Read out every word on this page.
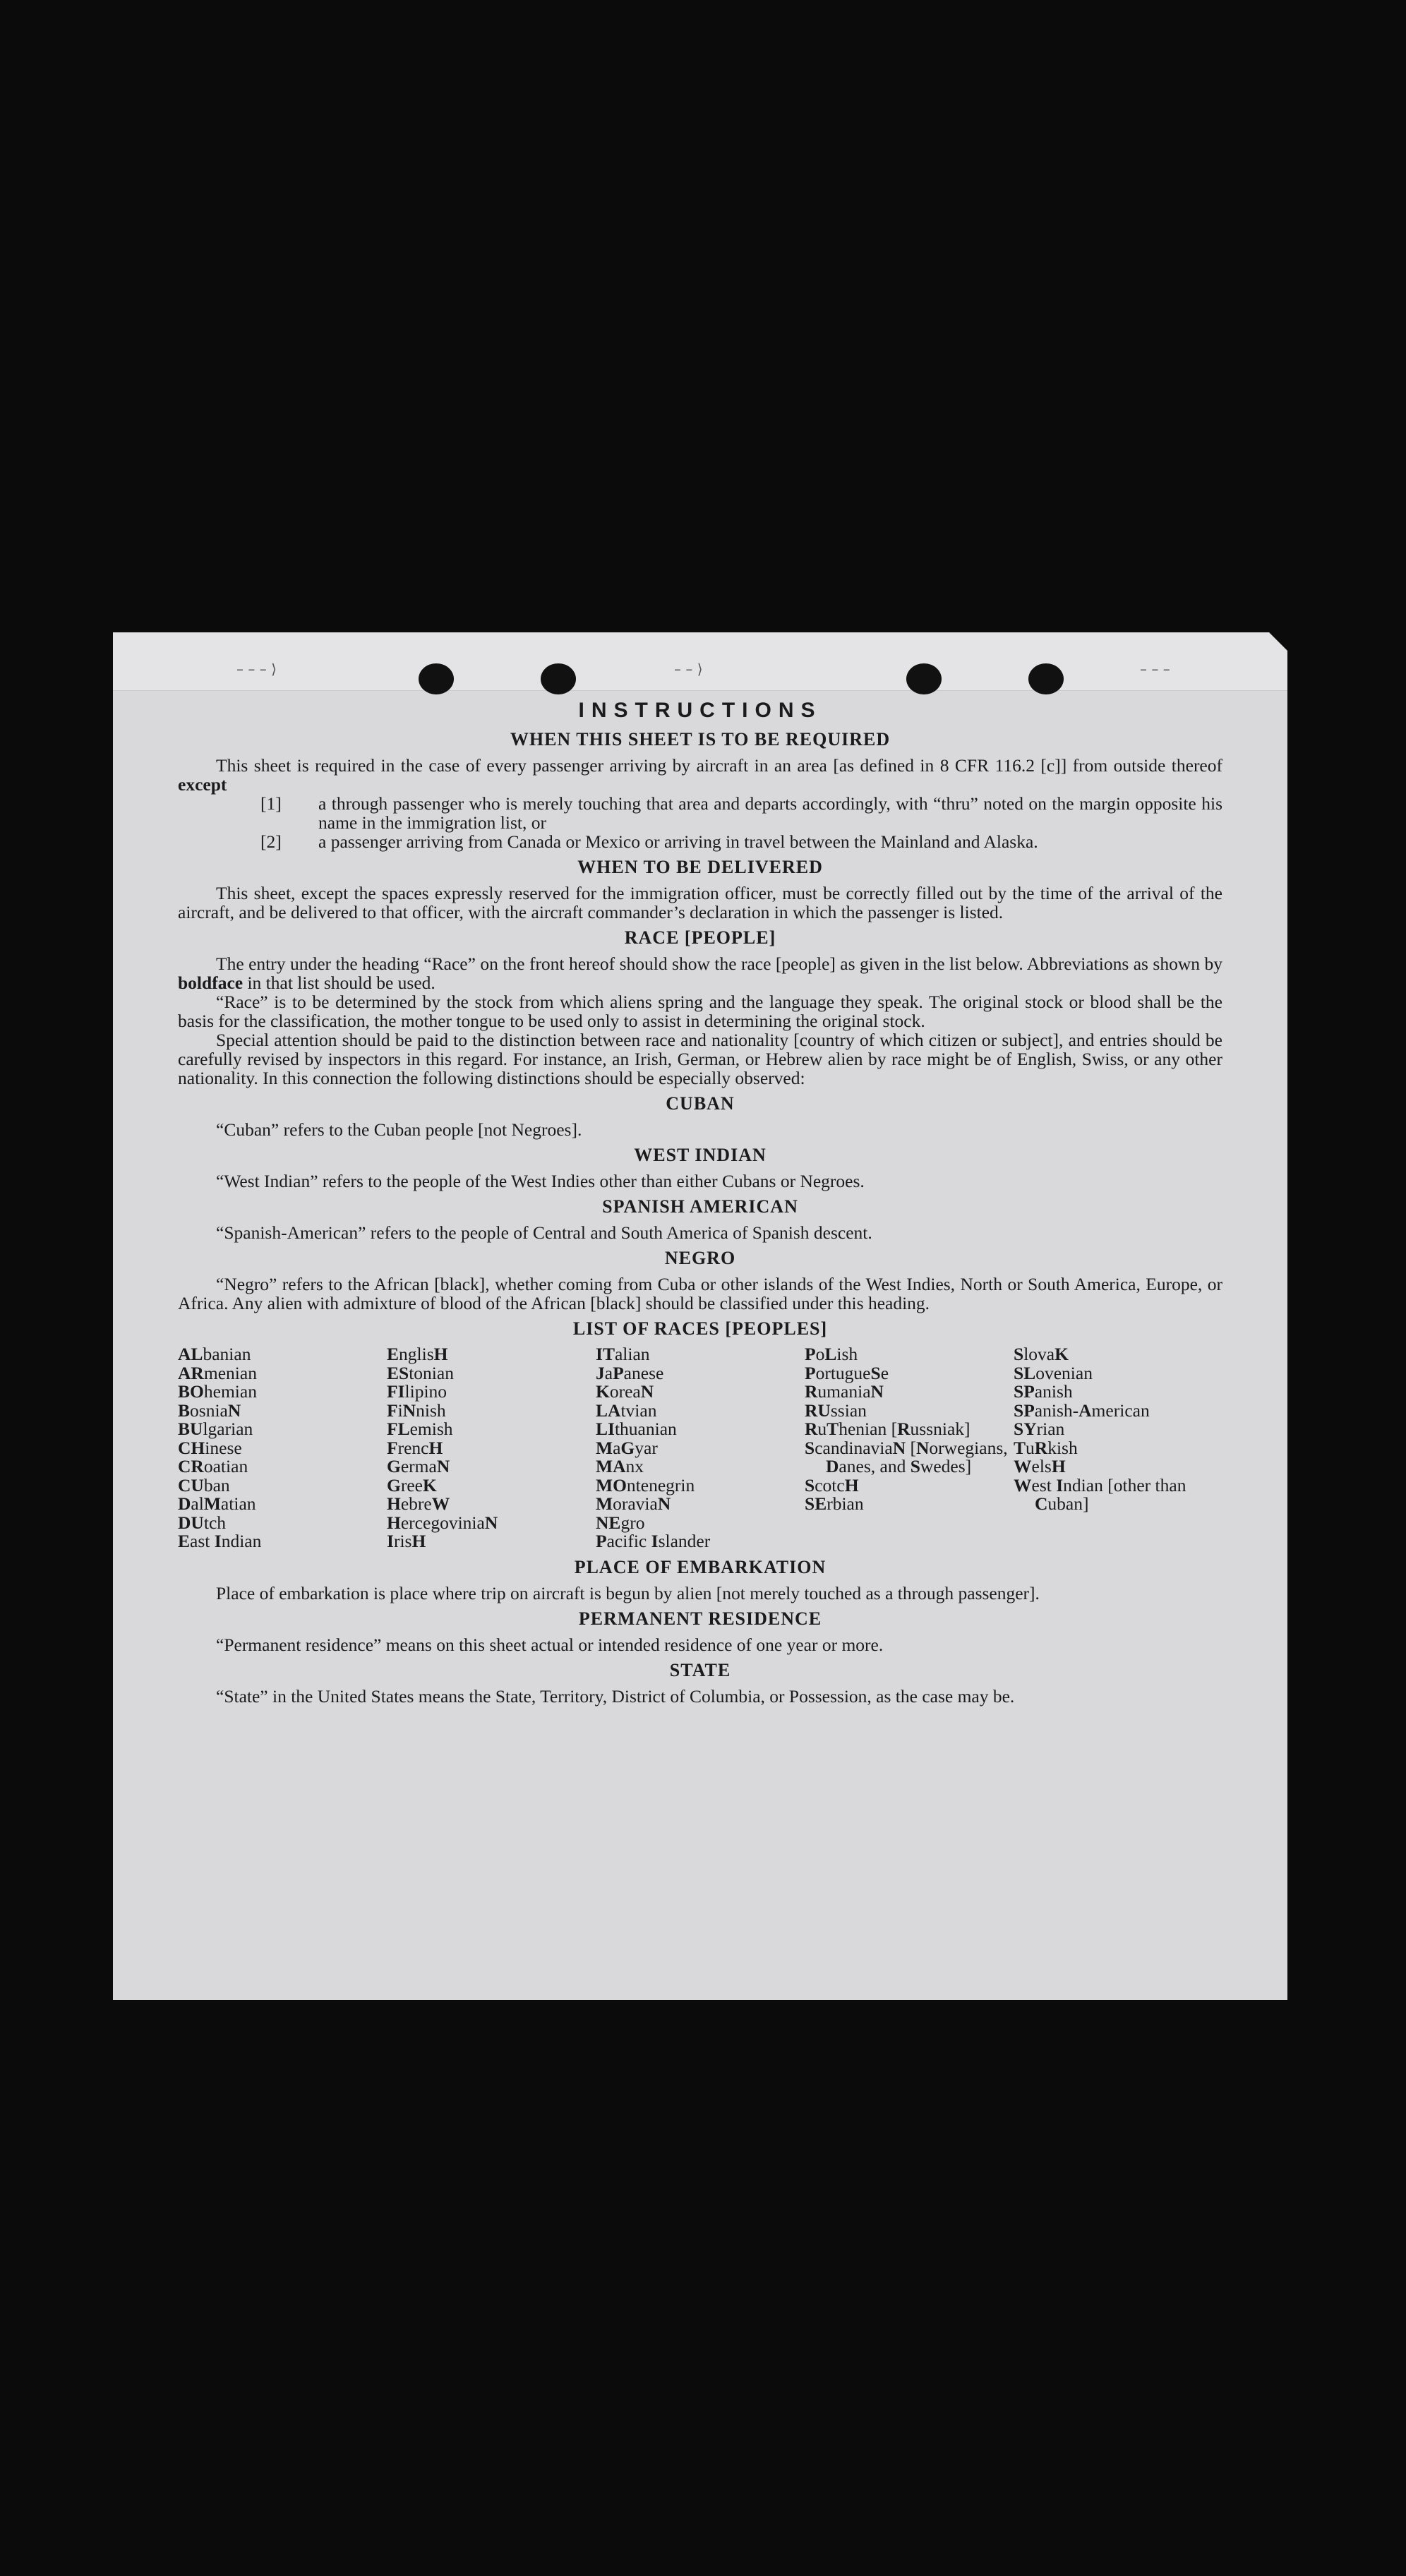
– – – ⟩	– – ⟩	– – –
INSTRUCTIONS
WHEN THIS SHEET IS TO BE REQUIRED

This sheet is required in the case of every passenger arriving by aircraft in an area [as defined in 8 CFR 116.2 [c]] from outside thereof except

[1] a through passenger who is merely touching that area and departs accordingly, with “thru” noted on the margin opposite his name in the immigration list, or

[2] a passenger arriving from Canada or Mexico or arriving in travel between the Mainland and Alaska.

WHEN TO BE DELIVERED

This sheet, except the spaces expressly reserved for the immigration officer, must be correctly filled out by the time of the arrival of the aircraft, and be delivered to that officer, with the aircraft commander’s declaration in which the passenger is listed.

RACE [PEOPLE]

The entry under the heading “Race” on the front hereof should show the race [people] as given in the list below. Abbreviations as shown by boldface in that list should be used.

“Race” is to be determined by the stock from which aliens spring and the language they speak. The original stock or blood shall be the basis for the classification, the mother tongue to be used only to assist in determining the original stock.

Special attention should be paid to the distinction between race and nationality [country of which citizen or subject], and entries should be carefully revised by inspectors in this regard. For instance, an Irish, German, or Hebrew alien by race might be of English, Swiss, or any other nationality. In this connection the following distinctions should be especially observed:

CUBAN

“Cuban” refers to the Cuban people [not Negroes].

WEST INDIAN

“West Indian” refers to the people of the West Indies other than either Cubans or Negroes.

SPANISH AMERICAN

“Spanish-American” refers to the people of Central and South America of Spanish descent.

NEGRO

“Negro” refers to the African [black], whether coming from Cuba or other islands of the West Indies, North or South America, Europe, or Africa. Any alien with admixture of blood of the African [black] should be classified under this heading.

LIST OF RACES [PEOPLES]
ALbanian
ARmenian
BOhemian
BosniaN
BUlgarian
CHinese
CRoatian
CUban
DalMatian
DUtch
East Indian
EnglisH
EStonian
FIlipino
FiNnish
FLemish
FrencH
GermaN
GreeK
HebreW
HercegoviniaN
IrisH
ITalian
JaPanese
KoreaN
LAtvian
LIthuanian
MaGyar
MAnx
MOntenegrin
MoraviaN
NEgro
Pacific Islander
PoLish
PortugueSe
RumaniaN
RUssian
RuThenian [Russniak]
ScandinaviaN [Norwegians, Danes, and Swedes]
ScotcH
SErbian
SlovaK
SLovenian
SPanish
SPanish-American
SYrian
TuRkish
WelsH
West Indian [other than Cuban]
PLACE OF EMBARKATION

Place of embarkation is place where trip on aircraft is begun by alien [not merely touched as a through passenger].

PERMANENT RESIDENCE

“Permanent residence” means on this sheet actual or intended residence of one year or more.

STATE

“State” in the United States means the State, Territory, District of Columbia, or Possession, as the case may be.
